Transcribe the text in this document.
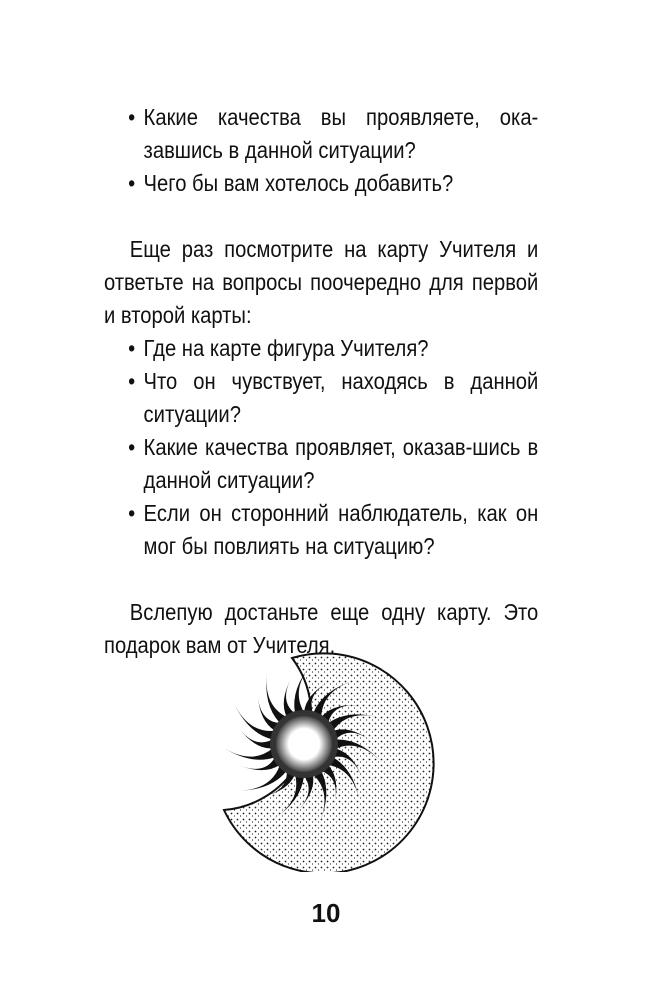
• Какие качества вы проявляете, ока-завшись в данной ситуации?
• Чего бы вам хотелось добавить?

Еще раз посмотрите на карту Учителя и ответьте на вопросы поочередно для первой и второй карты:

• Где на карте фигура Учителя?
• Что он чувствует, находясь в данной ситуации?
• Какие качества проявляет, оказав-шись в данной ситуации?
• Если он сторонний наблюдатель, как он мог бы повлиять на ситуацию?

Вслепую достаньте еще одну карту. Это подарок вам от Учителя.

10
